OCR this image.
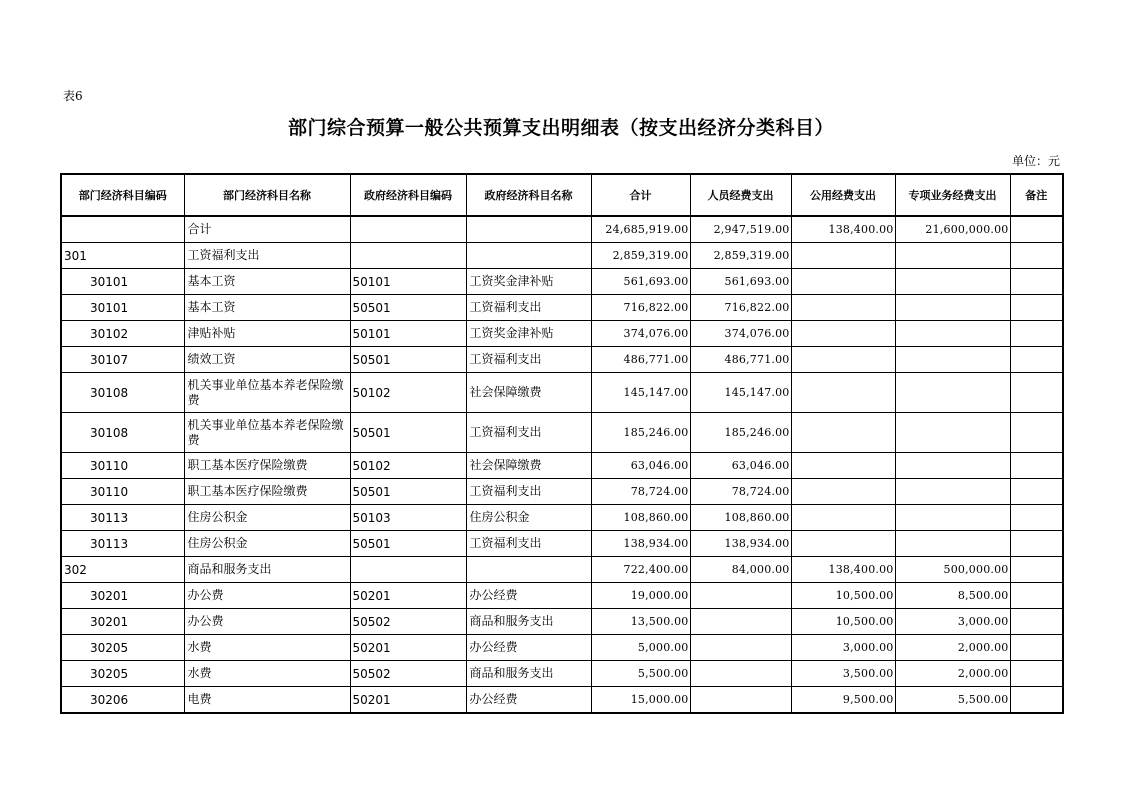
表6
部门综合预算一般公共预算支出明细表（按支出经济分类科目）
单位：元
部门经济科目编码	部门经济科目名称	政府经济科目编码	政府经济科目名称	合计	人员经费支出	公用经费支出	专项业务经费支出	备注
	合计			24,685,919.00	2,947,519.00	138,400.00	21,600,000.00	
301	工资福利支出			2,859,319.00	2,859,319.00			
30101	基本工资	50101	工资奖金津补贴	561,693.00	561,693.00			
30101	基本工资	50501	工资福利支出	716,822.00	716,822.00			
30102	津贴补贴	50101	工资奖金津补贴	374,076.00	374,076.00			
30107	绩效工资	50501	工资福利支出	486,771.00	486,771.00			
30108	机关事业单位基本养老保险缴费	50102	社会保障缴费	145,147.00	145,147.00			
30108	机关事业单位基本养老保险缴费	50501	工资福利支出	185,246.00	185,246.00			
30110	职工基本医疗保险缴费	50102	社会保障缴费	63,046.00	63,046.00			
30110	职工基本医疗保险缴费	50501	工资福利支出	78,724.00	78,724.00			
30113	住房公积金	50103	住房公积金	108,860.00	108,860.00			
30113	住房公积金	50501	工资福利支出	138,934.00	138,934.00			
302	商品和服务支出			722,400.00	84,000.00	138,400.00	500,000.00	
30201	办公费	50201	办公经费	19,000.00		10,500.00	8,500.00	
30201	办公费	50502	商品和服务支出	13,500.00		10,500.00	3,000.00	
30205	水费	50201	办公经费	5,000.00		3,000.00	2,000.00	
30205	水费	50502	商品和服务支出	5,500.00		3,500.00	2,000.00	
30206	电费	50201	办公经费	15,000.00		9,500.00	5,500.00	
